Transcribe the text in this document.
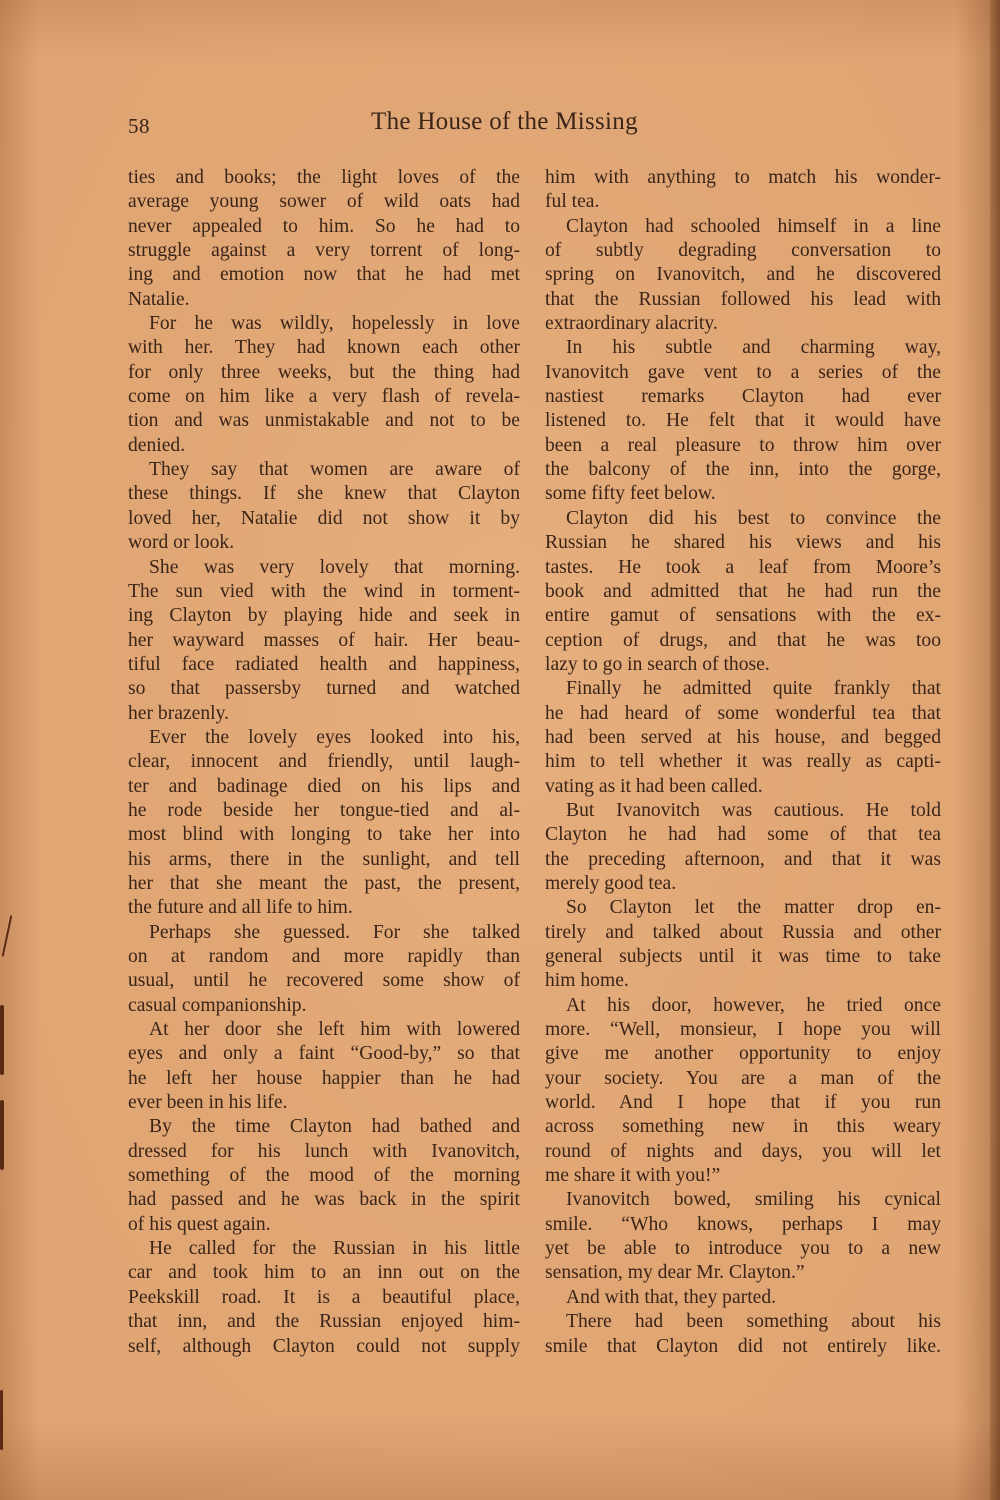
58	The House of the Missing
ties and books; the light loves of the
average young sower of wild oats had
never appealed to him. So he had to
struggle against a very torrent of long-
ing and emotion now that he had met
Natalie.
For he was wildly, hopelessly in love
with her. They had known each other
for only three weeks, but the thing had
come on him like a very flash of revela-
tion and was unmistakable and not to be
denied.
They say that women are aware of
these things. If she knew that Clayton
loved her, Natalie did not show it by
word or look.
She was very lovely that morning.
The sun vied with the wind in torment-
ing Clayton by playing hide and seek in
her wayward masses of hair. Her beau-
tiful face radiated health and happiness,
so that passersby turned and watched
her brazenly.
Ever the lovely eyes looked into his,
clear, innocent and friendly, until laugh-
ter and badinage died on his lips and
he rode beside her tongue-tied and al-
most blind with longing to take her into
his arms, there in the sunlight, and tell
her that she meant the past, the present,
the future and all life to him.
Perhaps she guessed. For she talked
on at random and more rapidly than
usual, until he recovered some show of
casual companionship.
At her door she left him with lowered
eyes and only a faint “Good-by,” so that
he left her house happier than he had
ever been in his life.
By the time Clayton had bathed and
dressed for his lunch with Ivanovitch,
something of the mood of the morning
had passed and he was back in the spirit
of his quest again.
He called for the Russian in his little
car and took him to an inn out on the
Peekskill road. It is a beautiful place,
that inn, and the Russian enjoyed him-
self, although Clayton could not supply
him with anything to match his wonder-
ful tea.
Clayton had schooled himself in a line
of subtly degrading conversation to
spring on Ivanovitch, and he discovered
that the Russian followed his lead with
extraordinary alacrity.
In his subtle and charming way,
Ivanovitch gave vent to a series of the
nastiest remarks Clayton had ever
listened to. He felt that it would have
been a real pleasure to throw him over
the balcony of the inn, into the gorge,
some fifty feet below.
Clayton did his best to convince the
Russian he shared his views and his
tastes. He took a leaf from Moore’s
book and admitted that he had run the
entire gamut of sensations with the ex-
ception of drugs, and that he was too
lazy to go in search of those.
Finally he admitted quite frankly that
he had heard of some wonderful tea that
had been served at his house, and begged
him to tell whether it was really as capti-
vating as it had been called.
But Ivanovitch was cautious. He told
Clayton he had had some of that tea
the preceding afternoon, and that it was
merely good tea.
So Clayton let the matter drop en-
tirely and talked about Russia and other
general subjects until it was time to take
him home.
At his door, however, he tried once
more. “Well, monsieur, I hope you will
give me another opportunity to enjoy
your society. You are a man of the
world. And I hope that if you run
across something new in this weary
round of nights and days, you will let
me share it with you!”
Ivanovitch bowed, smiling his cynical
smile. “Who knows, perhaps I may
yet be able to introduce you to a new
sensation, my dear Mr. Clayton.”
And with that, they parted.
There had been something about his
smile that Clayton did not entirely like.
